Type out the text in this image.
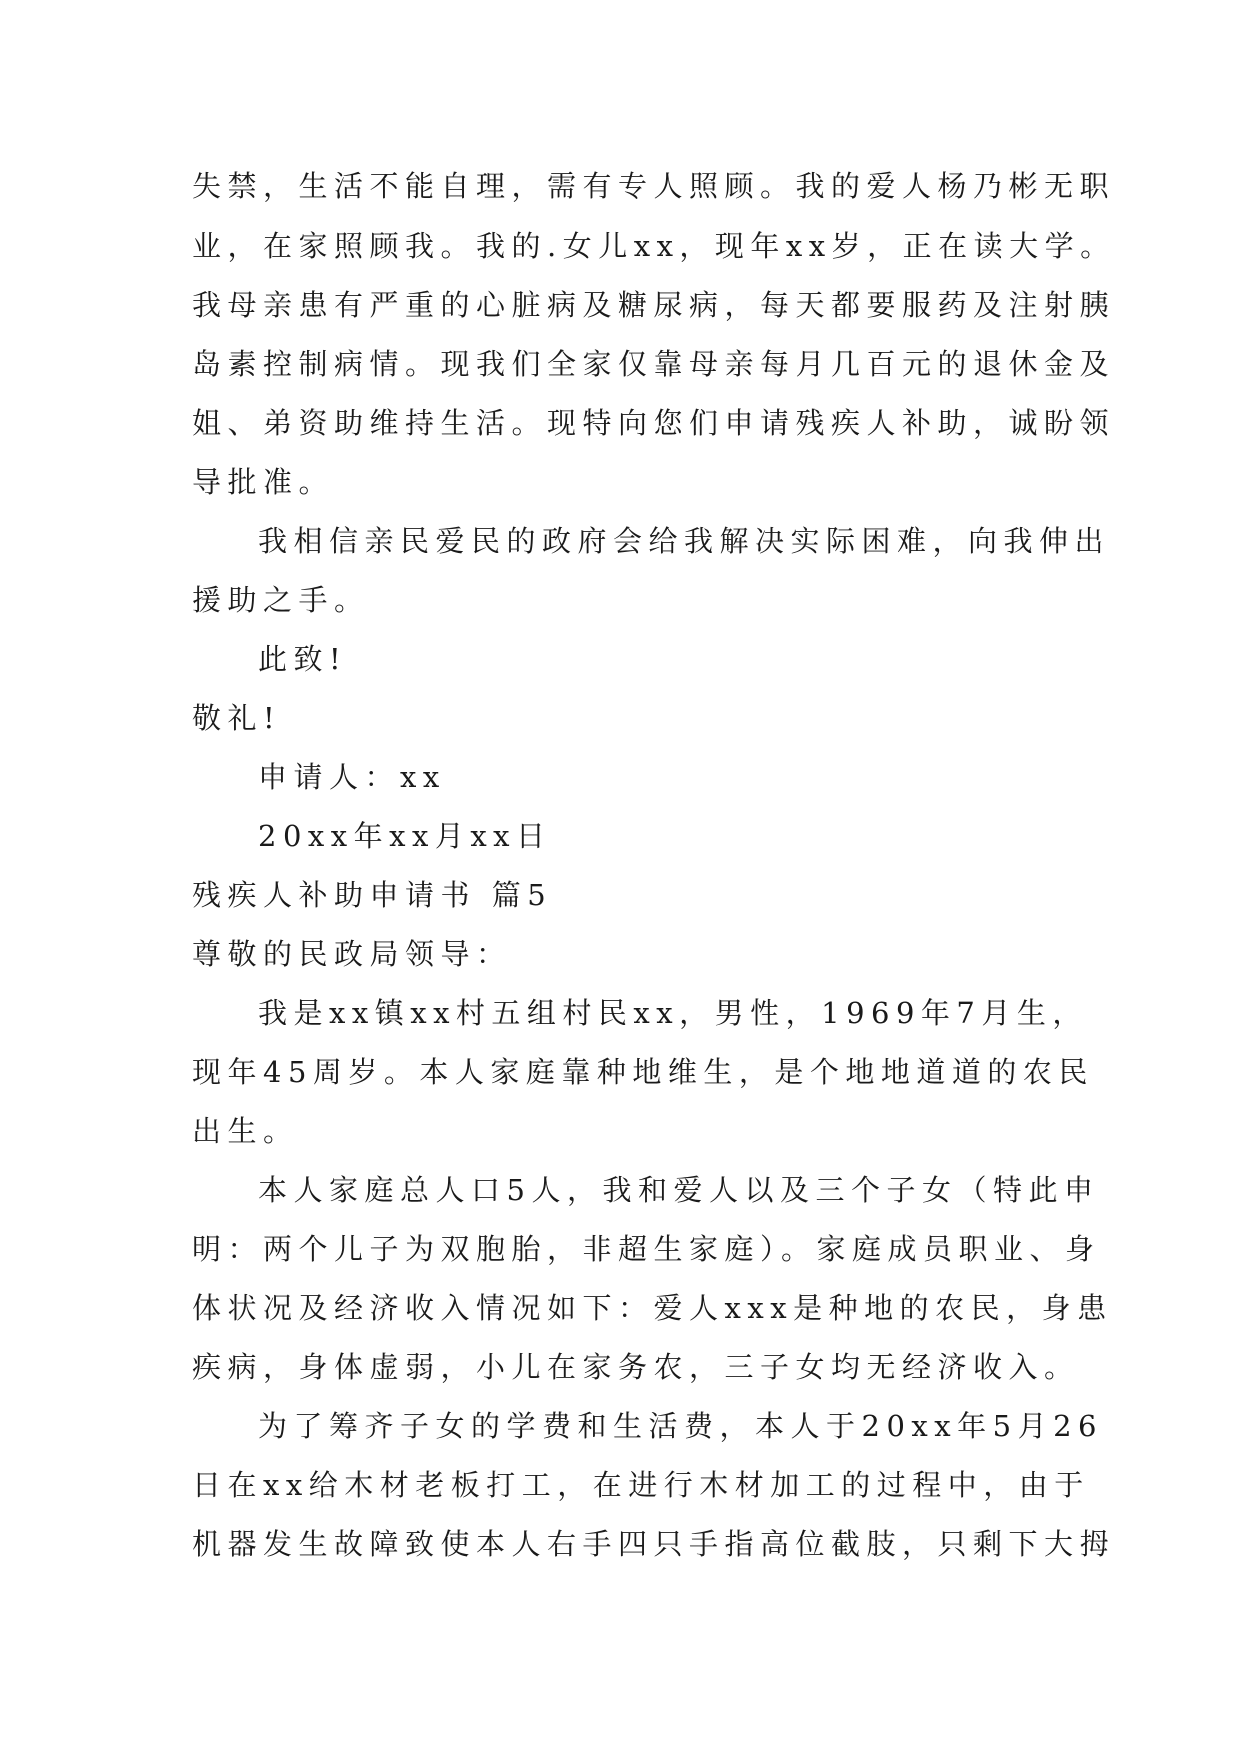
失禁，生活不能自理，需有专人照顾。我的爱人杨乃彬无职
业，在家照顾我。我的.女儿xx，现年xx岁，正在读大学。
我母亲患有严重的心脏病及糖尿病，每天都要服药及注射胰
岛素控制病情。现我们全家仅靠母亲每月几百元的退休金及
姐、弟资助维持生活。现特向您们申请残疾人补助，诚盼领
导批准。
我相信亲民爱民的政府会给我解决实际困难，向我伸出
援助之手。
此致!
敬礼!
申请人：xx
20xx年xx月xx日
残疾人补助申请书 篇5
尊敬的民政局领导：
我是xx镇xx村五组村民xx，男性，1969年7月生，
现年45周岁。本人家庭靠种地维生，是个地地道道的农民
出生。
本人家庭总人口5人，我和爱人以及三个子女（特此申
明：两个儿子为双胞胎，非超生家庭）。家庭成员职业、身
体状况及经济收入情况如下：爱人xxx是种地的农民，身患
疾病，身体虚弱，小儿在家务农，三子女均无经济收入。
为了筹齐子女的学费和生活费，本人于20xx年5月26
日在xx给木材老板打工，在进行木材加工的过程中，由于
机器发生故障致使本人右手四只手指高位截肢，只剩下大拇
